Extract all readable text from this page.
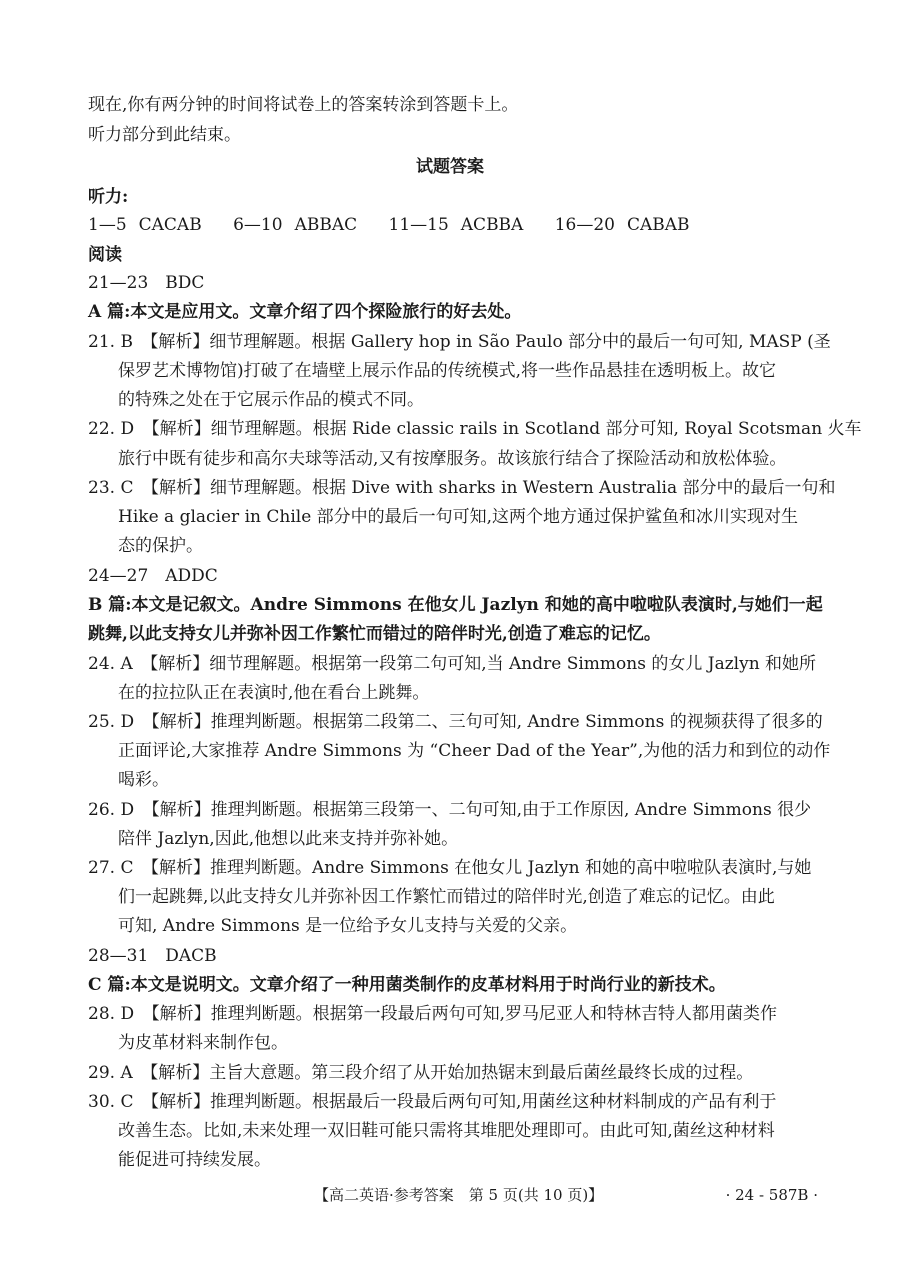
现在,你有两分钟的时间将试卷上的答案转涂到答题卡上。
听力部分到此结束。
试题答案
听力:
1—5 CACAB 6—10 ABBAC 11—15 ACBBA 16—20 CABAB
阅读
21—23　BDC
A 篇:本文是应用文。文章介绍了四个探险旅行的好去处。
21. B　【解析】细节理解题。根据 Gallery hop in São Paulo 部分中的最后一句可知, MASP (圣
保罗艺术博物馆)打破了在墙壁上展示作品的传统模式,将一些作品悬挂在透明板上。故它
的特殊之处在于它展示作品的模式不同。
22. D　【解析】细节理解题。根据 Ride classic rails in Scotland 部分可知, Royal Scotsman 火车
旅行中既有徒步和高尔夫球等活动,又有按摩服务。故该旅行结合了探险活动和放松体验。
23. C　【解析】细节理解题。根据 Dive with sharks in Western Australia 部分中的最后一句和
Hike a glacier in Chile 部分中的最后一句可知,这两个地方通过保护鲨鱼和冰川实现对生
态的保护。
24—27　ADDC
B 篇:本文是记叙文。Andre Simmons 在他女儿 Jazlyn 和她的高中啦啦队表演时,与她们一起
跳舞,以此支持女儿并弥补因工作繁忙而错过的陪伴时光,创造了难忘的记忆。
24. A　【解析】细节理解题。根据第一段第二句可知,当 Andre Simmons 的女儿 Jazlyn 和她所
在的拉拉队正在表演时,他在看台上跳舞。
25. D　【解析】推理判断题。根据第二段第二、三句可知, Andre Simmons 的视频获得了很多的
正面评论,大家推荐 Andre Simmons 为 “Cheer Dad of the Year”,为他的活力和到位的动作
喝彩。
26. D　【解析】推理判断题。根据第三段第一、二句可知,由于工作原因, Andre Simmons 很少
陪伴 Jazlyn,因此,他想以此来支持并弥补她。
27. C　【解析】推理判断题。Andre Simmons 在他女儿 Jazlyn 和她的高中啦啦队表演时,与她
们一起跳舞,以此支持女儿并弥补因工作繁忙而错过的陪伴时光,创造了难忘的记忆。由此
可知, Andre Simmons 是一位给予女儿支持与关爱的父亲。
28—31　DACB
C 篇:本文是说明文。文章介绍了一种用菌类制作的皮革材料用于时尚行业的新技术。
28. D　【解析】推理判断题。根据第一段最后两句可知,罗马尼亚人和特林吉特人都用菌类作
为皮革材料来制作包。
29. A　【解析】主旨大意题。第三段介绍了从开始加热锯末到最后菌丝最终长成的过程。
30. C　【解析】推理判断题。根据最后一段最后两句可知,用菌丝这种材料制成的产品有利于
改善生态。比如,未来处理一双旧鞋可能只需将其堆肥处理即可。由此可知,菌丝这种材料
能促进可持续发展。
【高二英语·参考答案　第 5 页(共 10 页)】	· 24 - 587B ·
